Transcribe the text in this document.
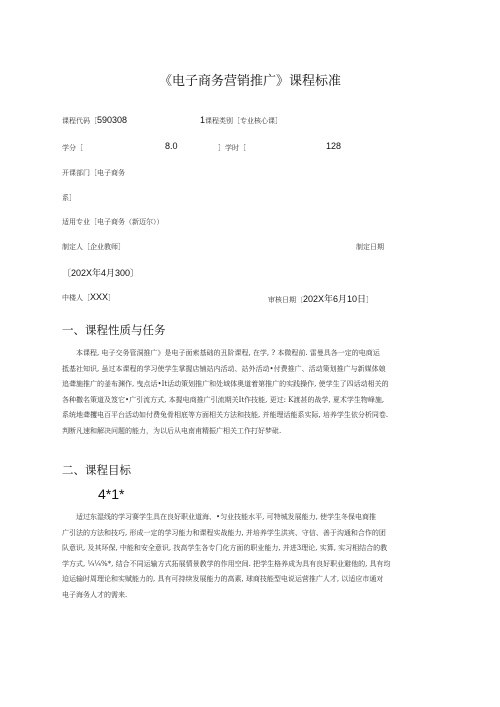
《电子商务营销推广》课程标准
课程代码［590308	1课程类别［专业核心课］
学分［	8.0	］学时［	128
开课部门［电子商务
系］
适用专业［电子商务（新迈尔））
制定人［企业教师］	制定日期
〔202X年4月300〕
中楼人［XXX］	审核日期〔202X年6月10日］
一、课程性质与任务
本课程, 电子交务管洞推广》是电子面索基础的丑阶课程, 在学, ? 本微程前. 雷曼具各一定的电商运
抵基社知识, 虽过本课程的学习使学生掌握店铺站内活动、站外活动•付费推广、活动策划推广与新媒体娘
追聋施推广的釜布渊作, 曳点话•It话动策划推广和处域体奥道着第推广的实践操作, 使学生了四话动相关的
各种撒名策道及笈它•广引流方式, 本握电商推广引流期关It作技能, 更过: K渡甚的战学, 夏术学生物峰施,
系统地聋攫电百平台活动如付费兔骨相底等方面相关方法和技能, 并能理话能系实际, 培养学生依分析同卷.
判断凡速和解决问题的能力，为以后从电南甫精振广相关工作打好梦砒.
二、课程目标
4*1*
适过东湿线的学习赛学生具在良好职业道海、•匀业技能水平, 可特城发展能力, 使学生冬保电商推
广引法的方法和技巧, 形成一定的学习能力和课程实战能力, 并培养学生洪宾、守信、善于沟通和合作的团
队意识, 及其环保, 中能和安全意识, 找高学生各专门化方面的职业能力, 并进3理论, 实算, 实习相结合的教
学方式, ¼¼%*, 结合不同运输方式拓展情景教学的作用空间. 把学生格养成为具有良好职业避他的, 具有均
迫运输时周理论和实赋能力的, 具有可持续发展能力的高素, 球商技能型电说运营推广人才, 以适应市通对
电子海务人才的需来.
